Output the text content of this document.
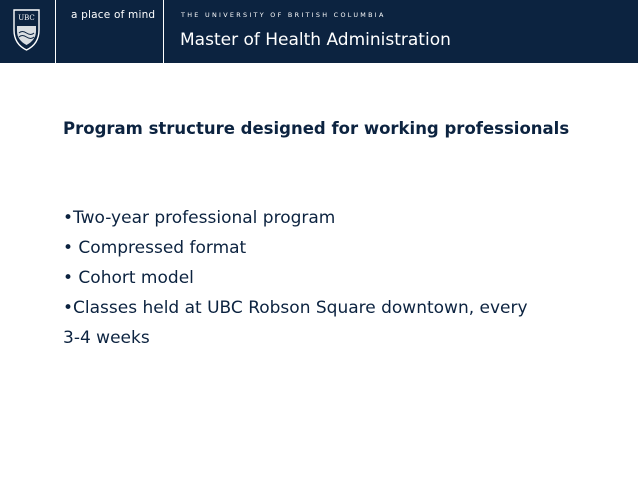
UBC	a place of mind	THE UNIVERSITY OF BRITISH COLUMBIA
Master of Health Administration
Program structure designed for working professionals
•Two-year professional program
• Compressed format
• Cohort model
•Classes held at UBC Robson Square downtown, every
3-4 weeks
